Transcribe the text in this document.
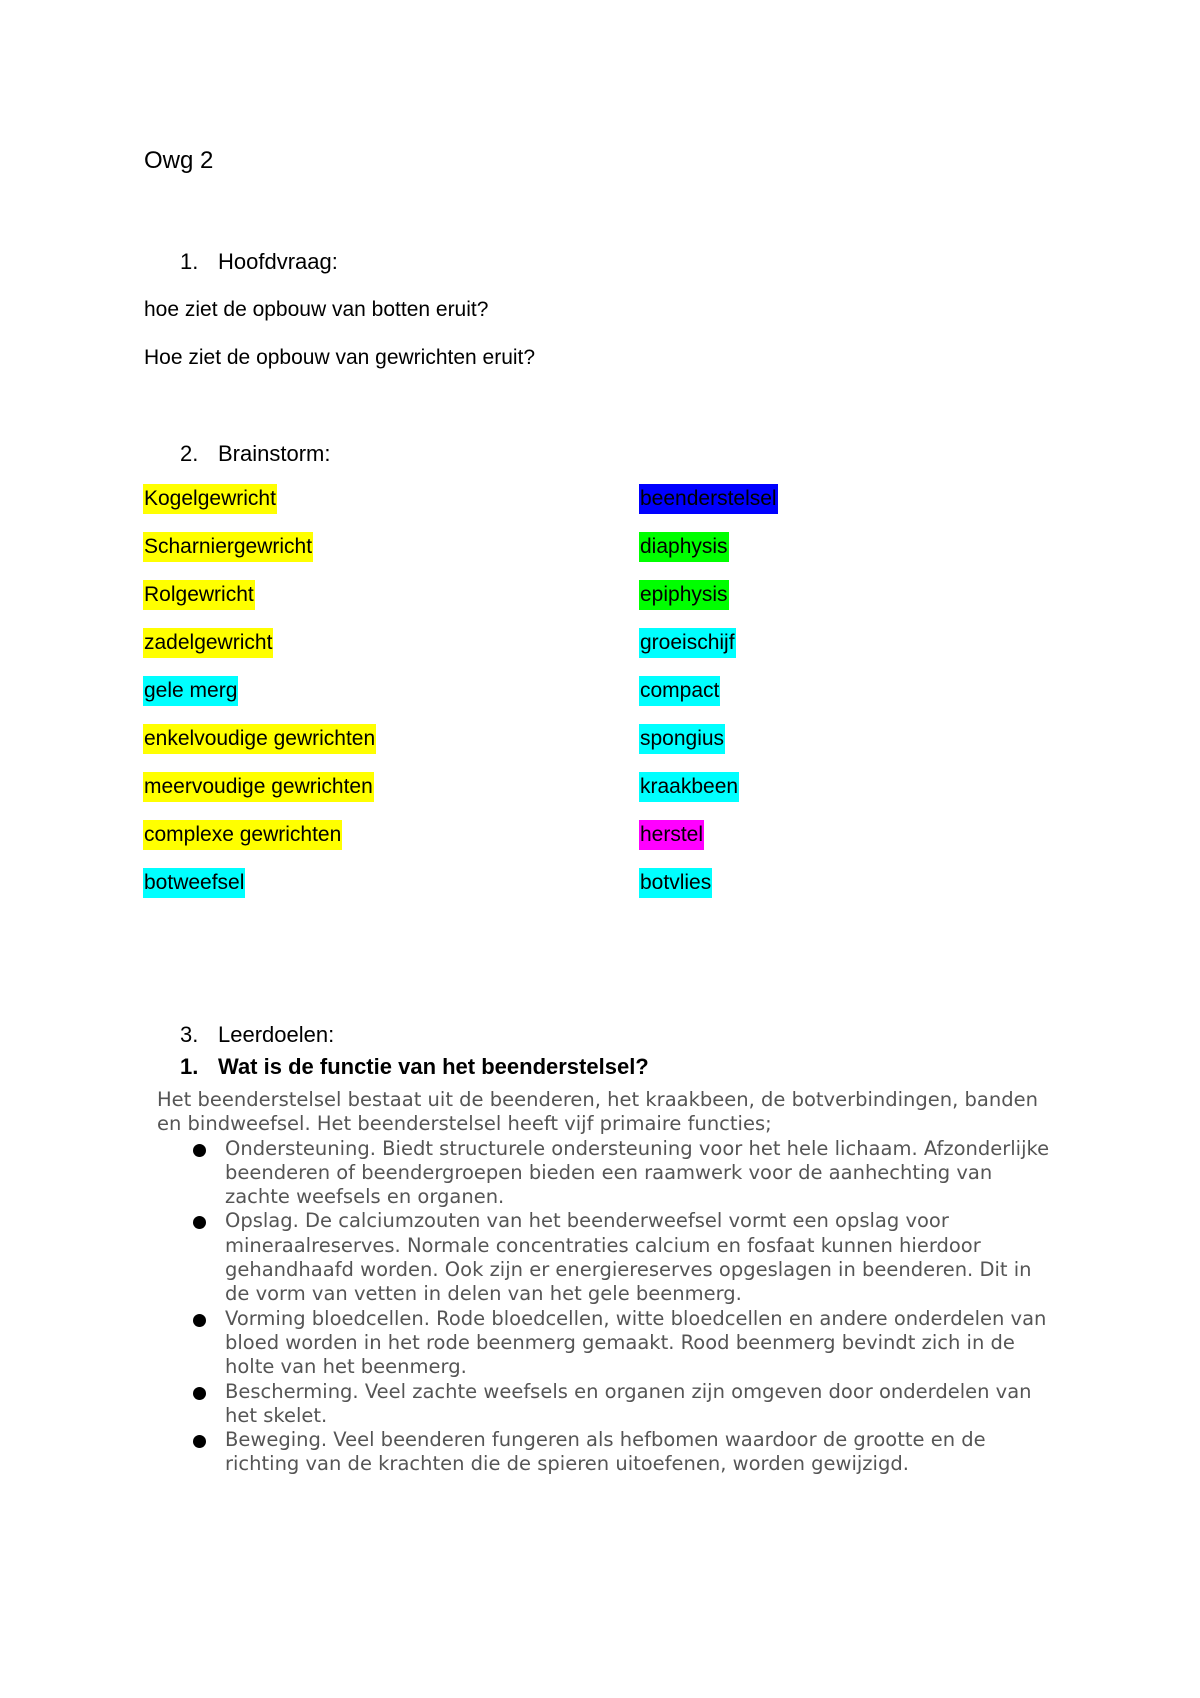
Owg 2
1. Hoofdvraag:
hoe ziet de opbouw van botten eruit?
Hoe ziet de opbouw van gewrichten eruit?
2. Brainstorm:
Kogelgewricht
Scharniergewricht
Rolgewricht
zadelgewricht
gele merg
enkelvoudige gewrichten
meervoudige gewrichten
complexe gewrichten
botweefsel
beenderstelsel
diaphysis
epiphysis
groeischijf
compact
spongius
kraakbeen
herstel
botvlies
3. Leerdoelen:
1. Wat is de functie van het beenderstelsel?

Het beenderstelsel bestaat uit de beenderen, het kraakbeen, de botverbindingen, banden en bindweefsel. Het beenderstelsel heeft vijf primaire functies;

Ondersteuning. Biedt structurele ondersteuning voor het hele lichaam. Afzonderlijke beenderen of beendergroepen bieden een raamwerk voor de aanhechting van zachte weefsels en organen.
Opslag. De calciumzouten van het beenderweefsel vormt een opslag voor mineraalreserves. Normale concentraties calcium en fosfaat kunnen hierdoor gehandhaafd worden. Ook zijn er energiereserves opgeslagen in beenderen. Dit in de vorm van vetten in delen van het gele beenmerg.
Vorming bloedcellen. Rode bloedcellen, witte bloedcellen en andere onderdelen van bloed worden in het rode beenmerg gemaakt. Rood beenmerg bevindt zich in de holte van het beenmerg.
Bescherming. Veel zachte weefsels en organen zijn omgeven door onderdelen van het skelet.
Beweging. Veel beenderen fungeren als hefbomen waardoor de grootte en de richting van de krachten die de spieren uitoefenen, worden gewijzigd.
